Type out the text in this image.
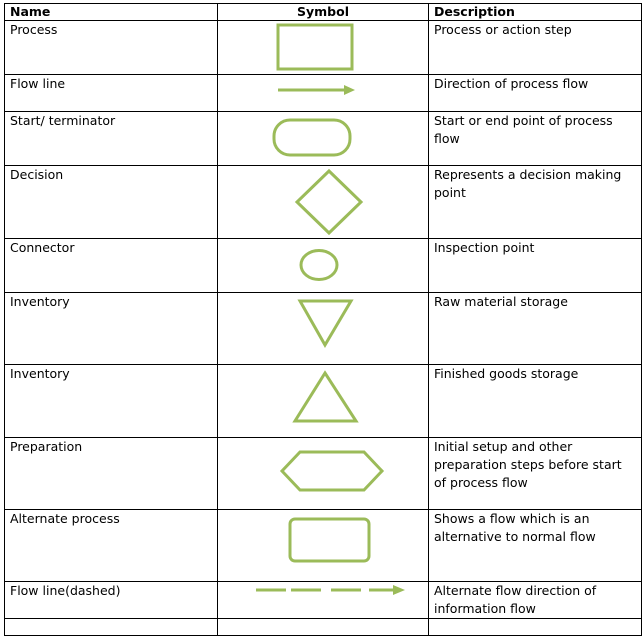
Name	Symbol	Description

Process		Process or action step

Flow line		Direction of process flow

Start/ terminator		Start or end point of process flow

Decision		Represents a decision making point

Connector		Inspection point

Inventory		Raw material storage

Inventory		Finished goods storage

Preparation		Initial setup and other preparation steps before start of process flow

Alternate process		Shows a flow which is an alternative to normal flow

Flow line(dashed)		Alternate flow direction of information flow
